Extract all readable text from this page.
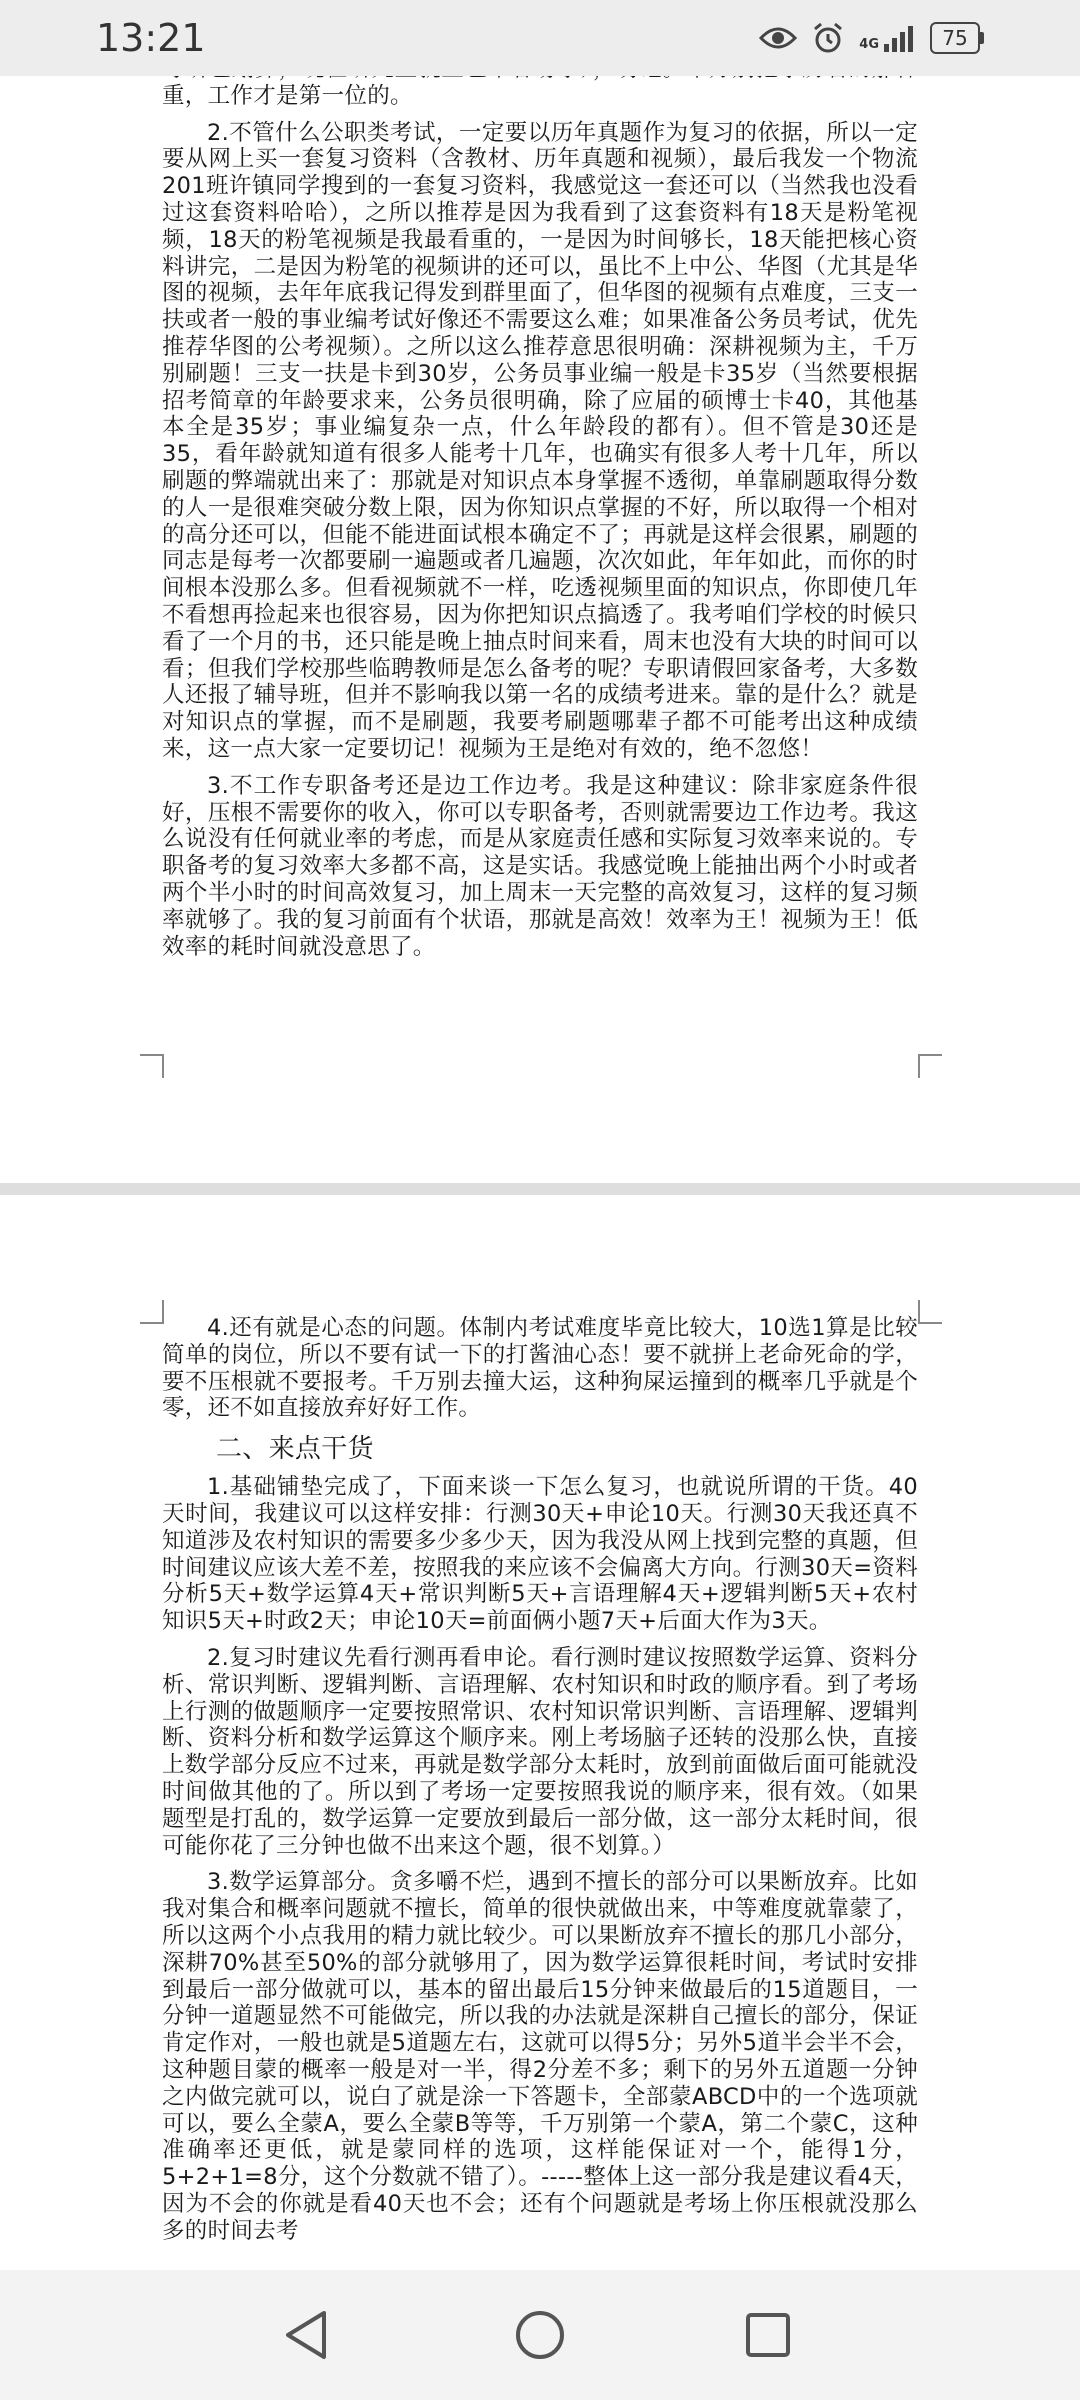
13:21	4G	75

重，工作才是第一位的。

2.不管什么公职类考试，一定要以历年真题作为复习的依据，所以一定要从网上买一套复习资料（含教材、历年真题和视频），最后我发一个物流201班许镇同学搜到的一套复习资料，我感觉这一套还可以（当然我也没看过这套资料哈哈），之所以推荐是因为我看到了这套资料有18天是粉笔视频，18天的粉笔视频是我最看重的，一是因为时间够长，18天能把核心资料讲完，二是因为粉笔的视频讲的还可以，虽比不上中公、华图（尤其是华图的视频，去年年底我记得发到群里面了，但华图的视频有点难度，三支一扶或者一般的事业编考试好像还不需要这么难；如果准备公务员考试，优先推荐华图的公考视频）。之所以这么推荐意思很明确：深耕视频为主，千万别刷题！三支一扶是卡到30岁，公务员事业编一般是卡35岁（当然要根据招考简章的年龄要求来，公务员很明确，除了应届的硕博士卡40，其他基本全是35岁；事业编复杂一点，什么年龄段的都有）。但不管是30还是35，看年龄就知道有很多人能考十几年，也确实有很多人考十几年，所以刷题的弊端就出来了：那就是对知识点本身掌握不透彻，单靠刷题取得分数的人一是很难突破分数上限，因为你知识点掌握的不好，所以取得一个相对的高分还可以，但能不能进面试根本确定不了；再就是这样会很累，刷题的同志是每考一次都要刷一遍题或者几遍题，次次如此，年年如此，而你的时间根本没那么多。但看视频就不一样，吃透视频里面的知识点，你即使几年不看想再捡起来也很容易，因为你把知识点搞透了。我考咱们学校的时候只看了一个月的书，还只能是晚上抽点时间来看，周末也没有大块的时间可以看；但我们学校那些临聘教师是怎么备考的呢？专职请假回家备考，大多数人还报了辅导班，但并不影响我以第一名的成绩考进来。靠的是什么？就是对知识点的掌握，而不是刷题，我要考刷题哪辈子都不可能考出这种成绩来，这一点大家一定要切记！视频为王是绝对有效的，绝不忽悠！

3.不工作专职备考还是边工作边考。我是这种建议：除非家庭条件很好，压根不需要你的收入，你可以专职备考，否则就需要边工作边考。我这么说没有任何就业率的考虑，而是从家庭责任感和实际复习效率来说的。专职备考的复习效率大多都不高，这是实话。我感觉晚上能抽出两个小时或者两个半小时的时间高效复习，加上周末一天完整的高效复习，这样的复习频率就够了。我的复习前面有个状语，那就是高效！效率为王！视频为王！低效率的耗时间就没意思了。

4.还有就是心态的问题。体制内考试难度毕竟比较大，10选1算是比较简单的岗位，所以不要有试一下的打酱油心态！要不就拼上老命死命的学，要不压根就不要报考。千万别去撞大运，这种狗屎运撞到的概率几乎就是个零，还不如直接放弃好好工作。

二、来点干货

1.基础铺垫完成了，下面来谈一下怎么复习，也就说所谓的干货。40天时间，我建议可以这样安排：行测30天+申论10天。行测30天我还真不知道涉及农村知识的需要多少多少天，因为我没从网上找到完整的真题，但时间建议应该大差不差，按照我的来应该不会偏离大方向。行测30天=资料分析5天+数学运算4天+常识判断5天+言语理解4天+逻辑判断5天+农村知识5天+时政2天；申论10天=前面俩小题7天+后面大作为3天。

2.复习时建议先看行测再看申论。看行测时建议按照数学运算、资料分析、常识判断、逻辑判断、言语理解、农村知识和时政的顺序看。到了考场上行测的做题顺序一定要按照常识、农村知识常识判断、言语理解、逻辑判断、资料分析和数学运算这个顺序来。刚上考场脑子还转的没那么快，直接上数学部分反应不过来，再就是数学部分太耗时，放到前面做后面可能就没时间做其他的了。所以到了考场一定要按照我说的顺序来，很有效。（如果题型是打乱的，数学运算一定要放到最后一部分做，这一部分太耗时间，很可能你花了三分钟也做不出来这个题，很不划算。）

3.数学运算部分。贪多嚼不烂，遇到不擅长的部分可以果断放弃。比如我对集合和概率问题就不擅长，简单的很快就做出来，中等难度就靠蒙了，所以这两个小点我用的精力就比较少。可以果断放弃不擅长的那几小部分，深耕70%甚至50%的部分就够用了，因为数学运算很耗时间，考试时安排到最后一部分做就可以，基本的留出最后15分钟来做最后的15道题目，一分钟一道题显然不可能做完，所以我的办法就是深耕自己擅长的部分，保证肯定作对，一般也就是5道题左右，这就可以得5分；另外5道半会半不会，这种题目蒙的概率一般是对一半，得2分差不多；剩下的另外五道题一分钟之内做完就可以，说白了就是涂一下答题卡，全部蒙ABCD中的一个选项就可以，要么全蒙A，要么全蒙B等等，千万别第一个蒙A，第二个蒙C，这种准确率还更低，就是蒙同样的选项，这样能保证对一个，能得1分，5+2+1=8分，这个分数就不错了）。-----整体上这一部分我是建议看4天，因为不会的你就是看40天也不会；还有个问题就是考场上你压根就没那么多的时间去考
